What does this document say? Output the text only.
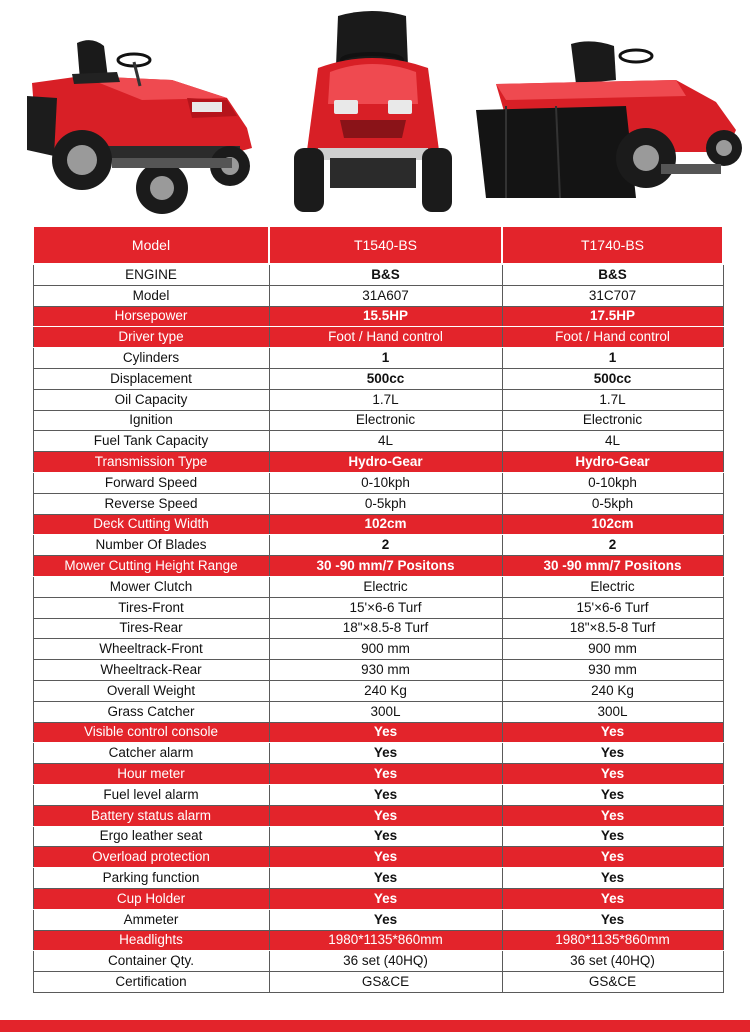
Model	T1540-BS	T1740-BS
ENGINE	B&S	B&S
Model	31A607	31C707
Horsepower	15.5HP	17.5HP
Driver type	Foot / Hand control	Foot / Hand control
Cylinders	1	1
Displacement	500cc	500cc
Oil Capacity	1.7L	1.7L
Ignition	Electronic	Electronic
Fuel Tank Capacity	4L	4L
Transmission Type	Hydro-Gear	Hydro-Gear
Forward Speed	0-10kph	0-10kph
Reverse Speed	0-5kph	0-5kph
Deck Cutting Width	102cm	102cm
Number Of Blades	2	2
Mower Cutting Height Range	30 -90 mm/7 Positons	30 -90 mm/7 Positons
Mower Clutch	Electric	Electric
Tires-Front	15'×6-6 Turf	15'×6-6 Turf
Tires-Rear	18"×8.5-8 Turf	18"×8.5-8 Turf
Wheeltrack-Front	900 mm	900 mm
Wheeltrack-Rear	930 mm	930 mm
Overall Weight	240 Kg	240 Kg
Grass Catcher	300L	300L
Visible control console	Yes	Yes
Catcher alarm	Yes	Yes
Hour meter	Yes	Yes
Fuel level alarm	Yes	Yes
Battery status alarm	Yes	Yes
Ergo leather seat	Yes	Yes
Overload protection	Yes	Yes
Parking function	Yes	Yes
Cup Holder	Yes	Yes
Ammeter	Yes	Yes
Headlights	1980*1135*860mm	1980*1135*860mm
Container Qty.	36 set (40HQ)	36 set (40HQ)
Certification	GS&CE	GS&CE
